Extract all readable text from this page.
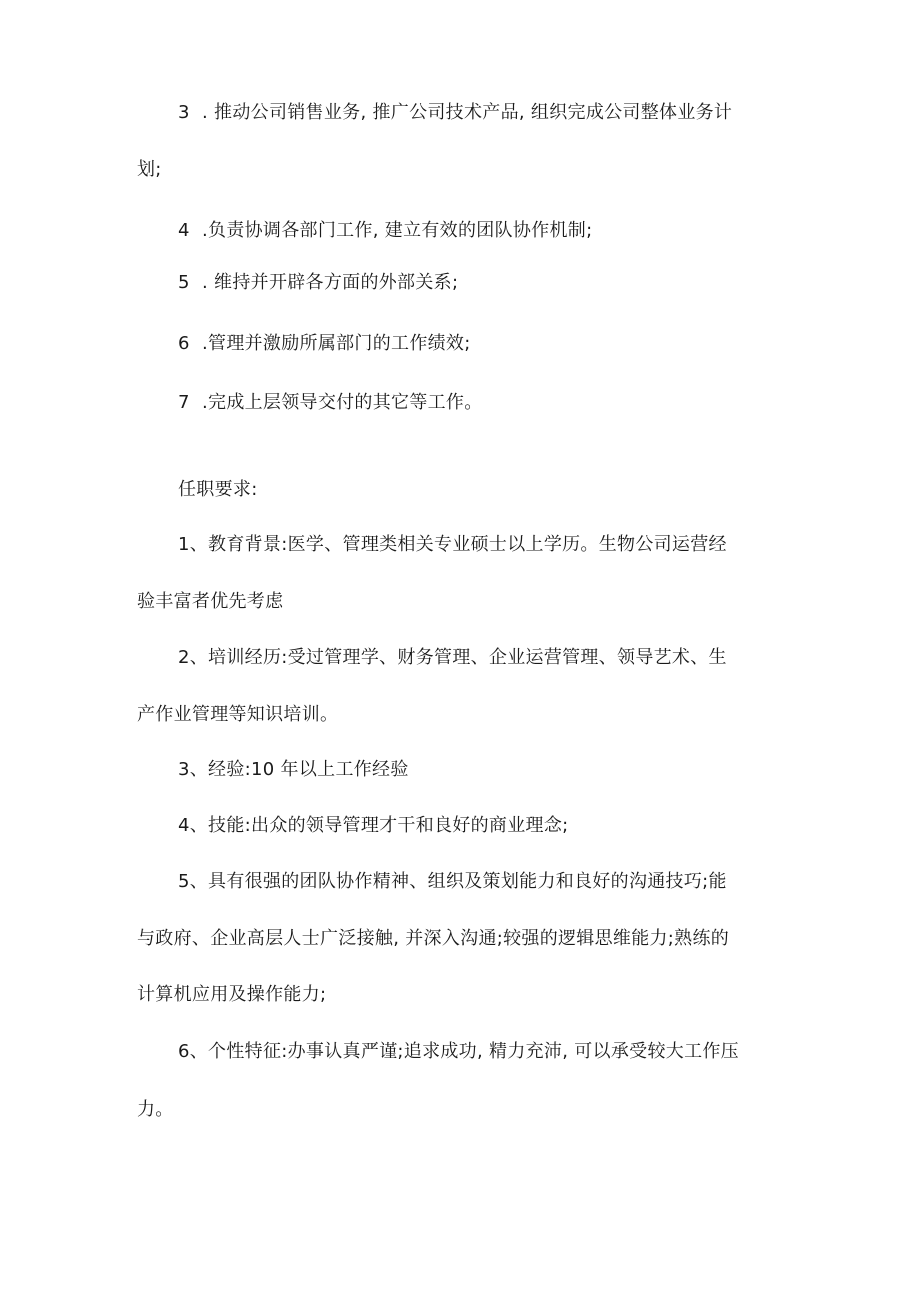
3 . 推动公司销售业务, 推广公司技术产品, 组织完成公司整体业务计
划;
4 .负责协调各部门工作, 建立有效的团队协作机制;
5 . 维持并开辟各方面的外部关系;
6 .管理并激励所属部门的工作绩效;
7 .完成上层领导交付的其它等工作。
任职要求:
1、教育背景:医学、管理类相关专业硕士以上学历。生物公司运营经
验丰富者优先考虑
2、培训经历:受过管理学、财务管理、企业运营管理、领导艺术、生
产作业管理等知识培训。
3、经验:10 年以上工作经验
4、技能:出众的领导管理才干和良好的商业理念;
5、具有很强的团队协作精神、组织及策划能力和良好的沟通技巧;能
与政府、企业高层人士广泛接触, 并深入沟通;较强的逻辑思维能力;熟练的
计算机应用及操作能力;
6、个性特征:办事认真严谨;追求成功, 精力充沛, 可以承受较大工作压
力。
